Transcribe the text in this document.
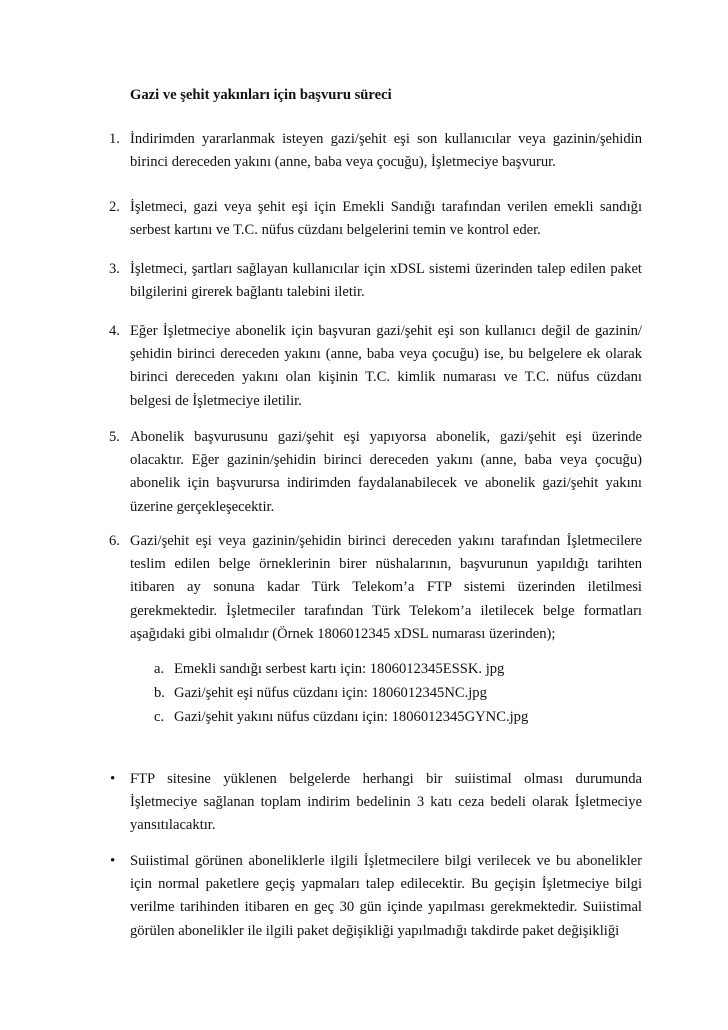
Gazi ve şehit yakınları için başvuru süreci
1. İndirimden yararlanmak isteyen gazi/şehit eşi son kullanıcılar veya gazinin/şehidin birinci dereceden yakını (anne, baba veya çocuğu), İşletmeciye başvurur.
2. İşletmeci, gazi veya şehit eşi için Emekli Sandığı tarafından verilen emekli sandığı serbest kartını ve T.C. nüfus cüzdanı belgelerini temin ve kontrol eder.
3. İşletmeci, şartları sağlayan kullanıcılar için xDSL sistemi üzerinden talep edilen paket bilgilerini girerek bağlantı talebini iletir.
4. Eğer İşletmeciye abonelik için başvuran gazi/şehit eşi son kullanıcı değil de gazinin/şehidin birinci dereceden yakını (anne, baba veya çocuğu) ise, bu belgelere ek olarak birinci dereceden yakını olan kişinin T.C. kimlik numarası ve T.C. nüfus cüzdanı belgesi de İşletmeciye iletilir.
5. Abonelik başvurusunu gazi/şehit eşi yapıyorsa abonelik, gazi/şehit eşi üzerinde olacaktır. Eğer gazinin/şehidin birinci dereceden yakını (anne, baba veya çocuğu) abonelik için başvurursa indirimden faydalanabilecek ve abonelik gazi/şehit yakını üzerine gerçekleşecektir.
6. Gazi/şehit eşi veya gazinin/şehidin birinci dereceden yakını tarafından İşletmecilere teslim edilen belge örneklerinin birer nüshalarının, başvurunun yapıldığı tarihten itibaren ay sonuna kadar Türk Telekom’a FTP sistemi üzerinden iletilmesi gerekmektedir. İşletmeciler tarafından Türk Telekom’a iletilecek belge formatları aşağıdaki gibi olmalıdır (Örnek 1806012345 xDSL numarası üzerinden);
a. Emekli sandığı serbest kartı için: 1806012345ESSK. jpg
b. Gazi/şehit eşi nüfus cüzdanı için: 1806012345NC.jpg
c. Gazi/şehit yakını nüfus cüzdanı için: 1806012345GYNC.jpg
• FTP sitesine yüklenen belgelerde herhangi bir suiistimal olması durumunda İşletmeciye sağlanan toplam indirim bedelinin 3 katı ceza bedeli olarak İşletmeciye yansıtılacaktır.
• Suiistimal görünen aboneliklerle ilgili İşletmecilere bilgi verilecek ve bu abonelikler için normal paketlere geçiş yapmaları talep edilecektir. Bu geçişin İşletmeciye bilgi verilme tarihinden itibaren en geç 30 gün içinde yapılması gerekmektedir. Suiistimal görülen abonelikler ile ilgili paket değişikliği yapılmadığı takdirde paket değişikliği
